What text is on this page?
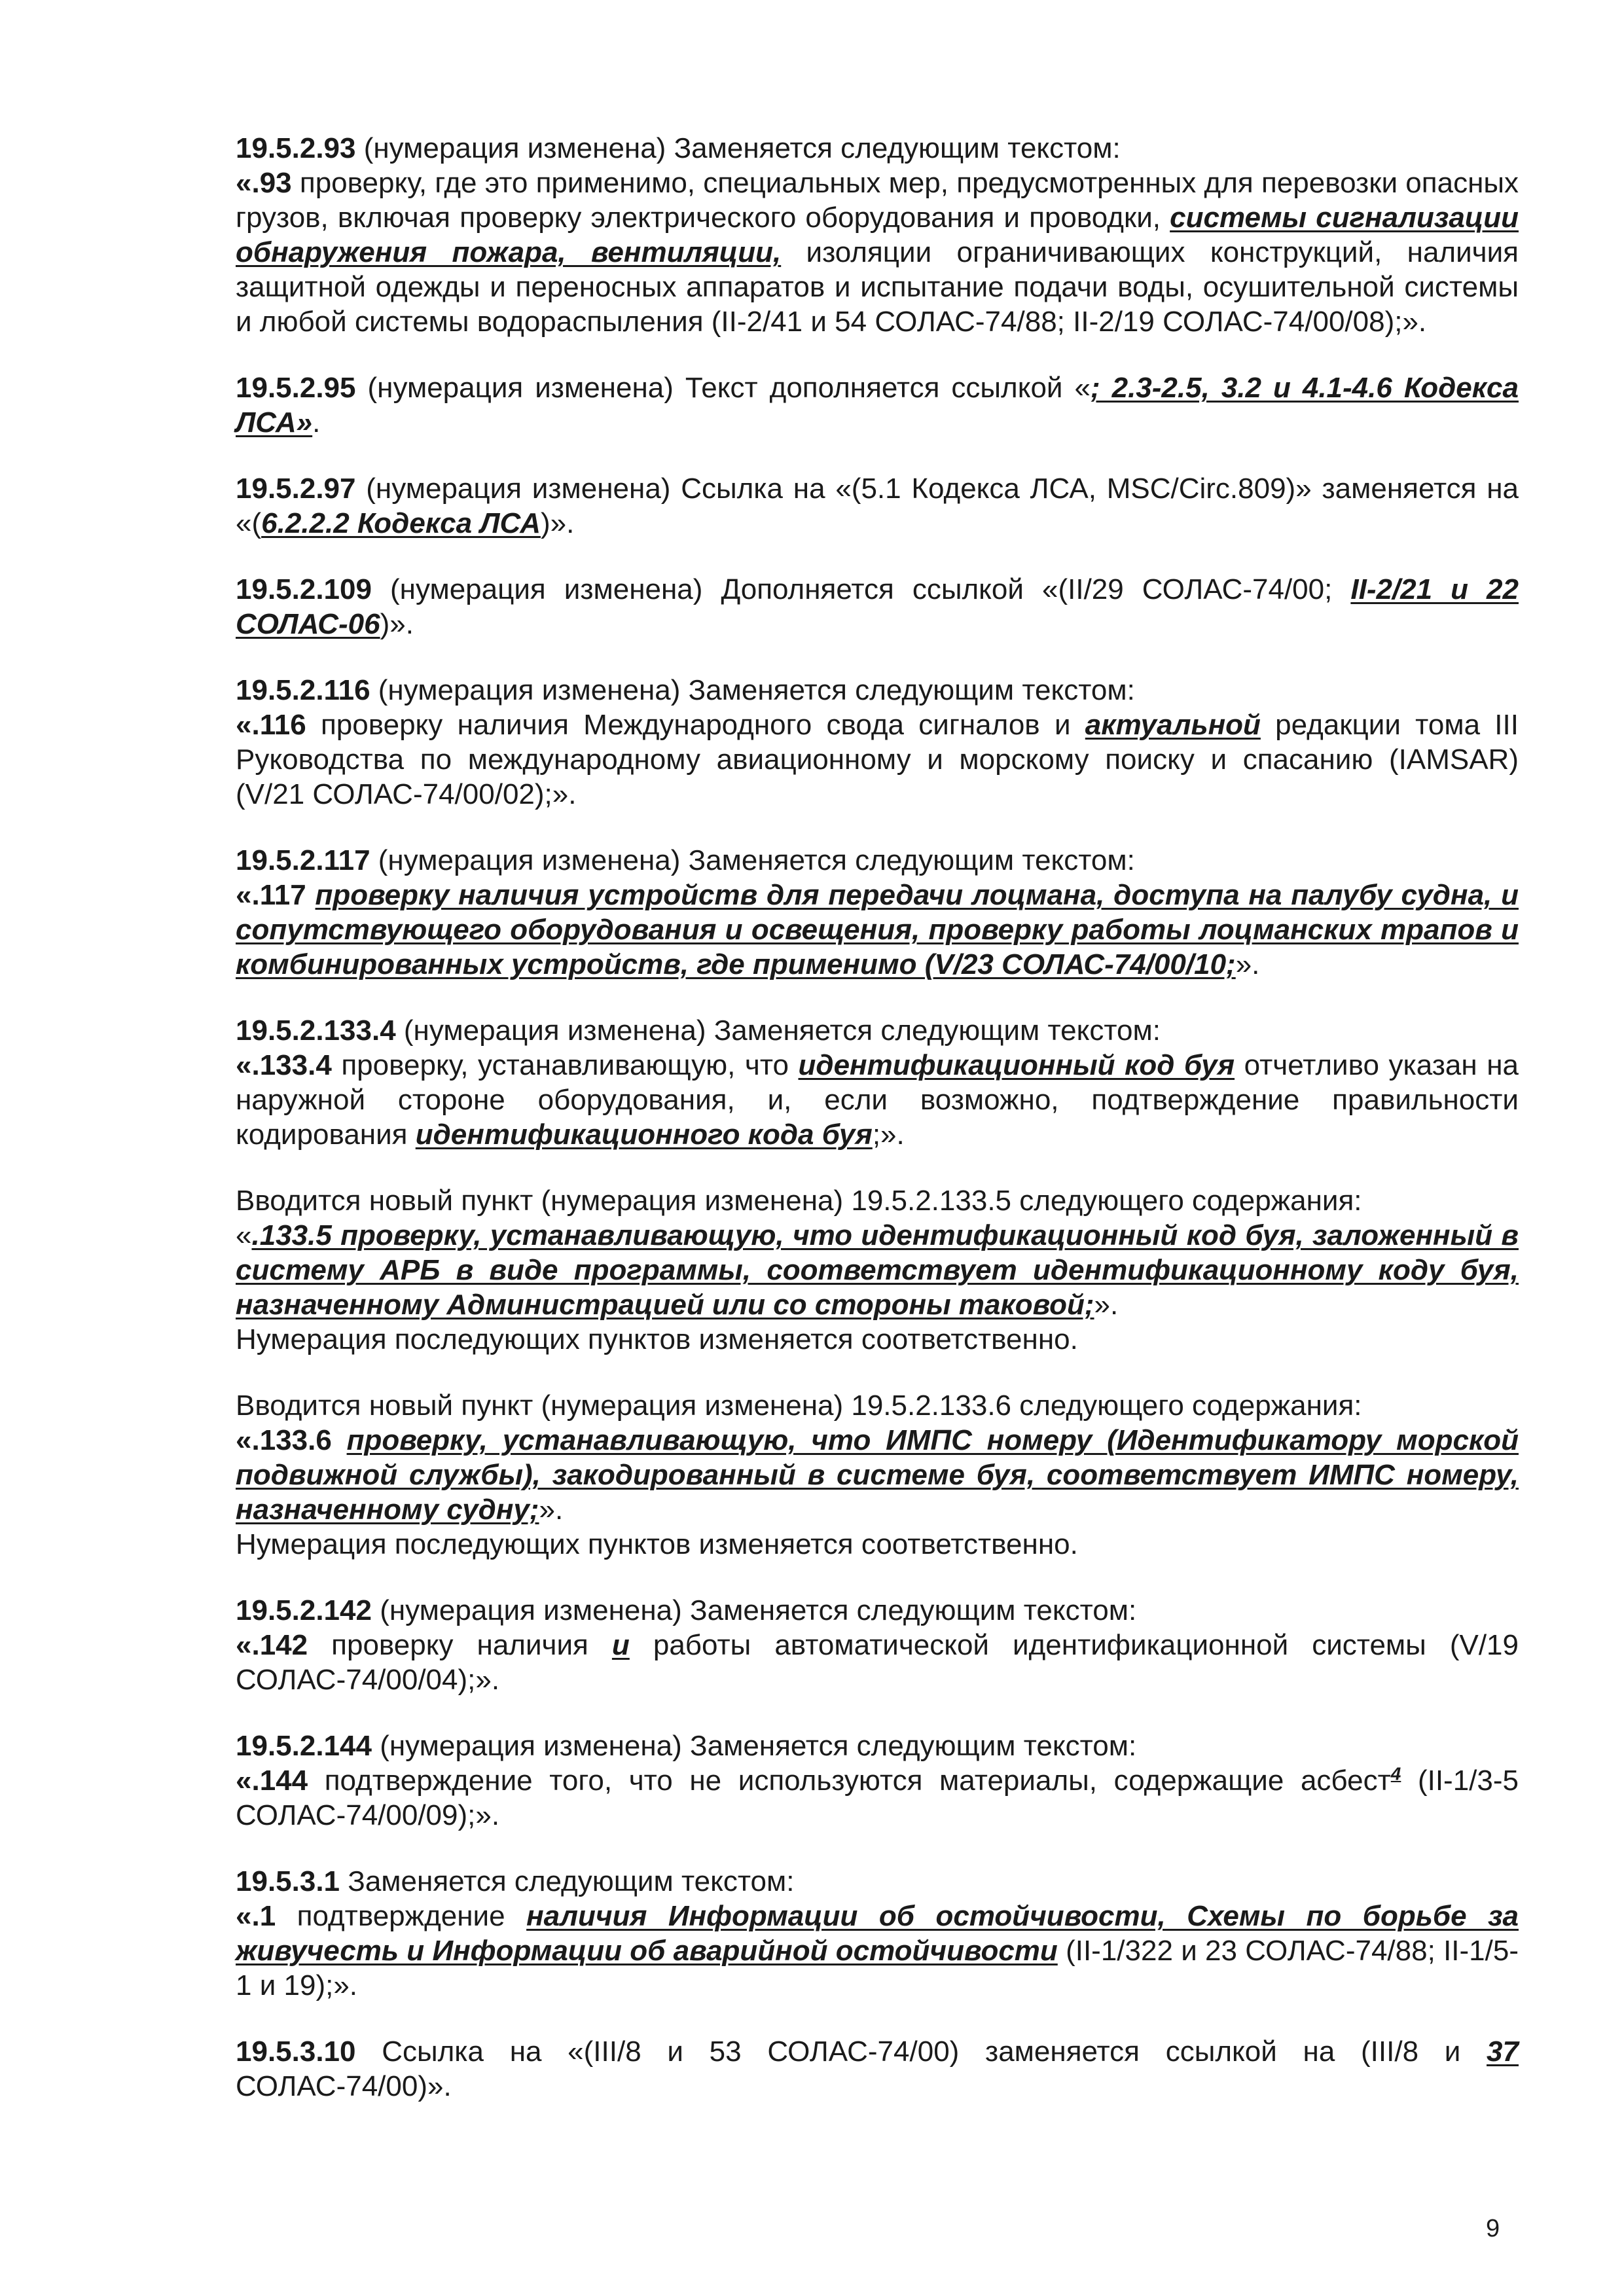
19.5.2.93 (нумерация изменена) Заменяется следующим текстом:
«.93 проверку, где это применимо, специальных мер, предусмотренных для перевозки опасных грузов, включая проверку электрического оборудования и проводки, системы сигнализации обнаружения пожара, вентиляции, изоляции ограничивающих конструкций, наличия защитной одежды и переносных аппаратов и испытание подачи воды, осушительной системы и любой системы водораспыления (II-2/41 и 54 СОЛАС-74/88; II-2/19 СОЛАС-74/00/08);».
19.5.2.95 (нумерация изменена) Текст дополняется ссылкой «; 2.3-2.5, 3.2 и 4.1-4.6 Кодекса ЛСА».
19.5.2.97 (нумерация изменена) Ссылка на «(5.1 Кодекса ЛСА, MSC/Circ.809)» заменяется на «(6.2.2.2 Кодекса ЛСА)».
19.5.2.109 (нумерация изменена) Дополняется ссылкой «(II/29 СОЛАС-74/00; II-2/21 и 22 СОЛАС-06)».
19.5.2.116 (нумерация изменена) Заменяется следующим текстом:
«.116 проверку наличия Международного свода сигналов и актуальной редакции тома III Руководства по международному авиационному и морскому поиску и спасанию (IAMSAR) (V/21 СОЛАС-74/00/02);».
19.5.2.117 (нумерация изменена) Заменяется следующим текстом:
«.117 проверку наличия устройств для передачи лоцмана, доступа на палубу судна, и сопутствующего оборудования и освещения, проверку работы лоцманских трапов и комбинированных устройств, где применимо (V/23 СОЛАС-74/00/10;».
19.5.2.133.4 (нумерация изменена) Заменяется следующим текстом:
«.133.4 проверку, устанавливающую, что идентификационный код буя отчетливо указан на наружной стороне оборудования, и, если возможно, подтверждение правильности кодирования идентификационного кода буя;».
Вводится новый пункт (нумерация изменена) 19.5.2.133.5 следующего содержания:
«.133.5 проверку, устанавливающую, что идентификационный код буя, заложенный в систему АРБ в виде программы, соответствует идентификационному коду буя, назначенному Администрацией или со стороны таковой;».
Нумерация последующих пунктов изменяется соответственно.
Вводится новый пункт (нумерация изменена) 19.5.2.133.6 следующего содержания:
«.133.6 проверку, устанавливающую, что ИМПС номеру (Идентификатору морской подвижной службы), закодированный в системе буя, соответствует ИМПС номеру, назначенному судну;».
Нумерация последующих пунктов изменяется соответственно.
19.5.2.142 (нумерация изменена) Заменяется следующим текстом:
«.142 проверку наличия и работы автоматической идентификационной системы (V/19 СОЛАС-74/00/04);».
19.5.2.144 (нумерация изменена) Заменяется следующим текстом:
«.144 подтверждение того, что не используются материалы, содержащие асбест$^4$ (II-1/3-5 СОЛАС-74/00/09);».
19.5.3.1 Заменяется следующим текстом:
«.1 подтверждение наличия Информации об остойчивости, Схемы по борьбе за живучесть и Информации об аварийной остойчивости (II-1/322 и 23 СОЛАС-74/88; II-1/5-1 и 19);».
19.5.3.10 Ссылка на «(III/8 и 53 СОЛАС-74/00) заменяется ссылкой на (III/8 и 37 СОЛАС-74/00)».
9
